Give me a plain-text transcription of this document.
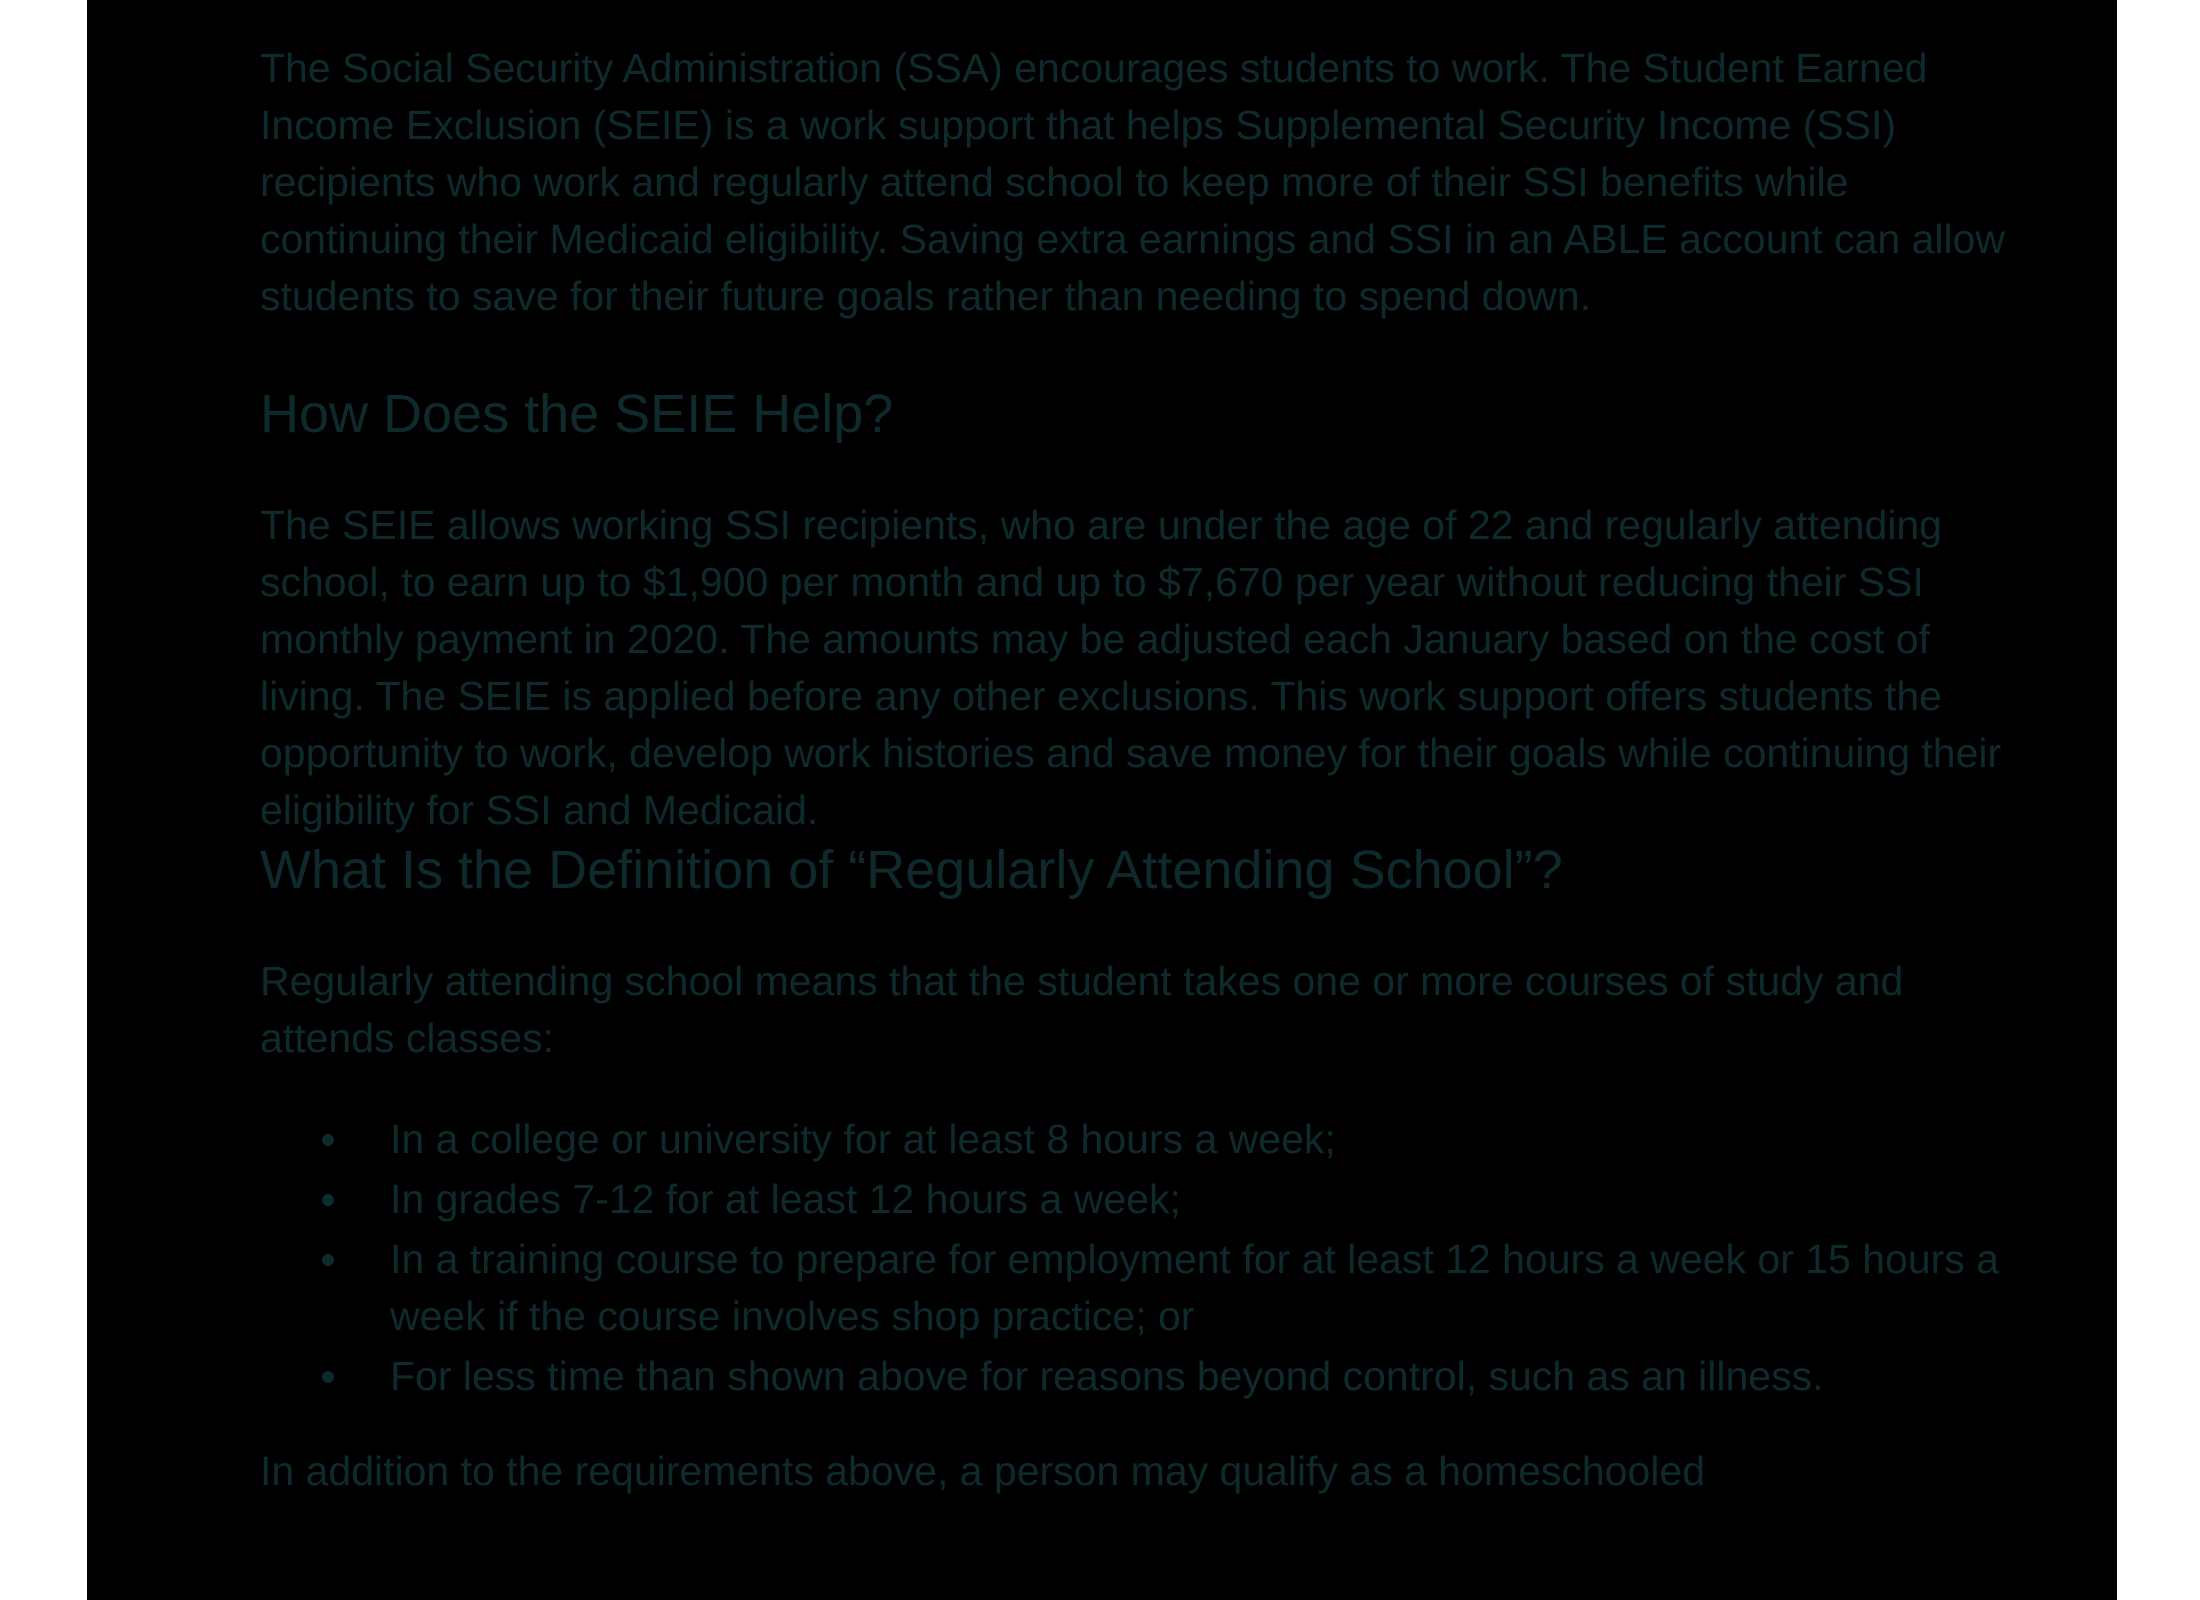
The Social Security Administration (SSA) encourages students to work. The Student Earned Income Exclusion (SEIE) is a work support that helps Supplemental Security Income (SSI) recipients who work and regularly attend school to keep more of their SSI benefits while continuing their Medicaid eligibility. Saving extra earnings and SSI in an ABLE account can allow students to save for their future goals rather than needing to spend down.

How Does the SEIE Help?

The SEIE allows working SSI recipients, who are under the age of 22 and regularly attending school, to earn up to $1,900 per month and up to $7,670 per year without reducing their SSI monthly payment in 2020. The amounts may be adjusted each January based on the cost of living. The SEIE is applied before any other exclusions. This work support offers students the opportunity to work, develop work histories and save money for their goals while continuing their eligibility for SSI and Medicaid.

What Is the Definition of “Regularly Attending School”?

Regularly attending school means that the student takes one or more courses of study and attends classes:

In a college or university for at least 8 hours a week;
In grades 7-12 for at least 12 hours a week;
In a training course to prepare for employment for at least 12 hours a week or 15 hours a week if the course involves shop practice; or
For less time than shown above for reasons beyond control, such as an illness.

In addition to the requirements above, a person may qualify as a homeschooled
